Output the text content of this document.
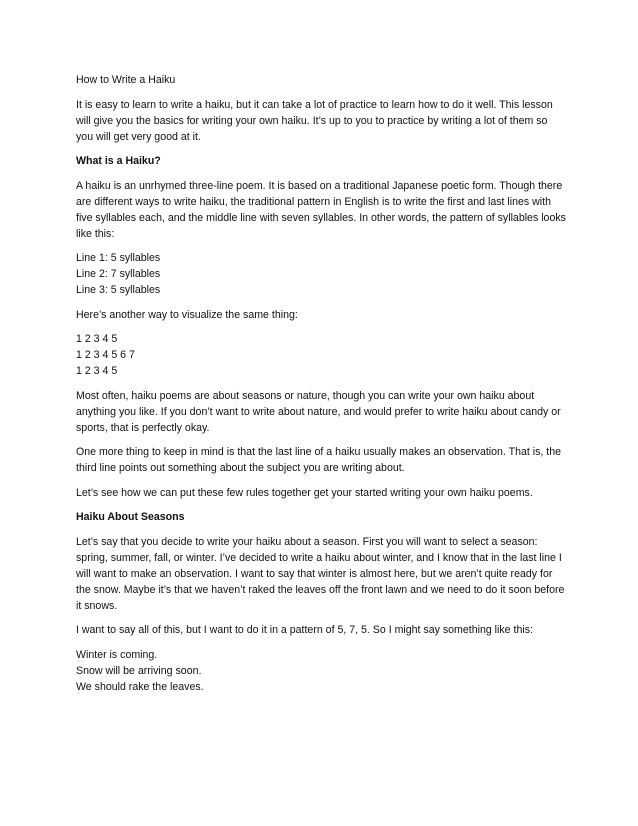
How to Write a Haiku

It is easy to learn to write a haiku, but it can take a lot of practice to learn how to do it well. This lesson will give you the basics for writing your own haiku. It’s up to you to practice by writing a lot of them so you will get very good at it.

What is a Haiku?

A haiku is an unrhymed three-line poem. It is based on a traditional Japanese poetic form. Though there are different ways to write haiku, the traditional pattern in English is to write the first and last lines with five syllables each, and the middle line with seven syllables. In other words, the pattern of syllables looks like this:

Line 1: 5 syllables
Line 2: 7 syllables
Line 3: 5 syllables

Here’s another way to visualize the same thing:

1 2 3 4 5
1 2 3 4 5 6 7
1 2 3 4 5

Most often, haiku poems are about seasons or nature, though you can write your own haiku about anything you like. If you don’t want to write about nature, and would prefer to write haiku about candy or sports, that is perfectly okay.

One more thing to keep in mind is that the last line of a haiku usually makes an observation. That is, the third line points out something about the subject you are writing about.

Let’s see how we can put these few rules together get your started writing your own haiku poems.

Haiku About Seasons

Let’s say that you decide to write your haiku about a season. First you will want to select a season: spring, summer, fall, or winter. I’ve decided to write a haiku about winter, and I know that in the last line I will want to make an observation. I want to say that winter is almost here, but we aren’t quite ready for the snow. Maybe it’s that we haven’t raked the leaves off the front lawn and we need to do it soon before it snows.

I want to say all of this, but I want to do it in a pattern of 5, 7, 5. So I might say something like this:

Winter is coming.
Snow will be arriving soon.
We should rake the leaves.
